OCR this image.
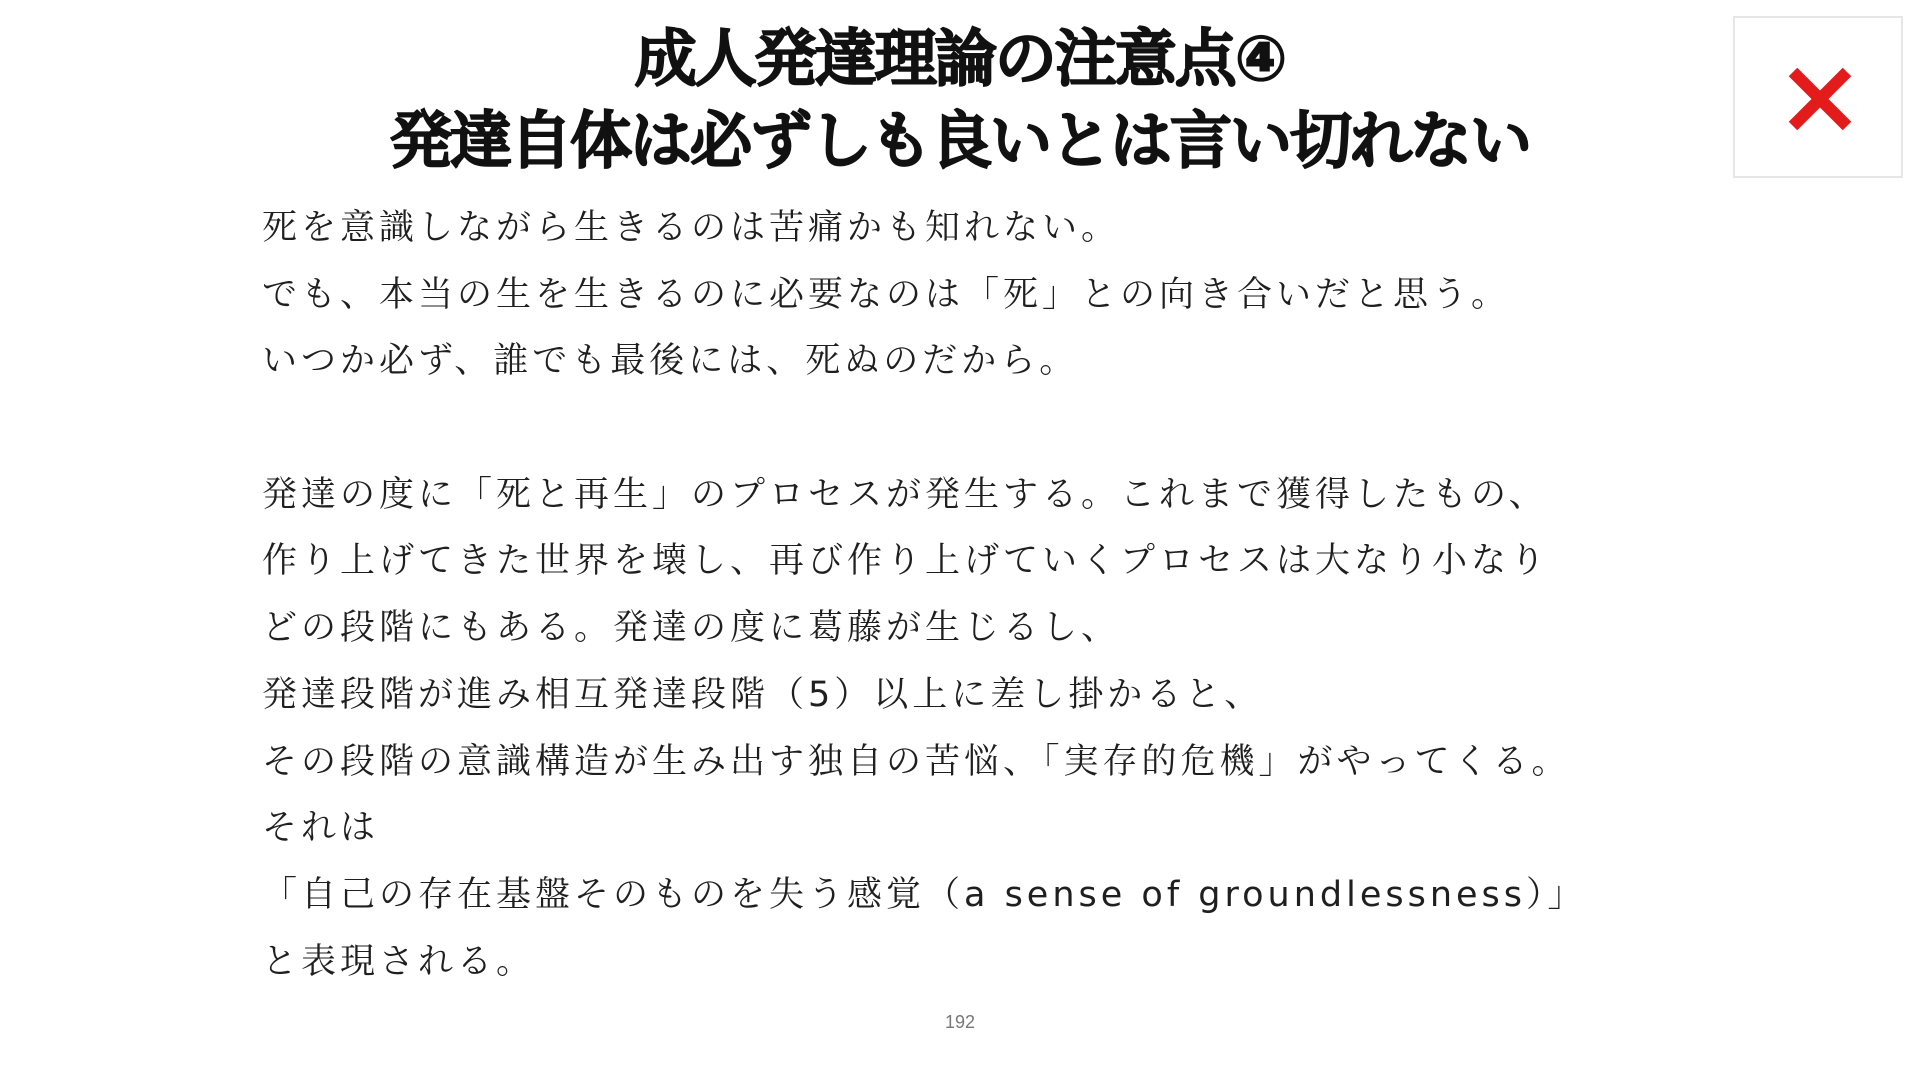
成人発達理論の注意点④
発達自体は必ずしも良いとは言い切れない
死を意識しながら生きるのは苦痛かも知れない。
でも、本当の生を生きるのに必要なのは「死」との向き合いだと思う。
いつか必ず、誰でも最後には、死ぬのだから。
発達の度に「死と再生」のプロセスが発生する。これまで獲得したもの、
作り上げてきた世界を壊し、再び作り上げていくプロセスは大なり小なり
どの段階にもある。発達の度に葛藤が生じるし、
発達段階が進み相互発達段階（5）以上に差し掛かると、
その段階の意識構造が生み出す独自の苦悩、「実存的危機」がやってくる。
それは
「自己の存在基盤そのものを失う感覚（a sense of groundlessness）」
と表現される。
192
